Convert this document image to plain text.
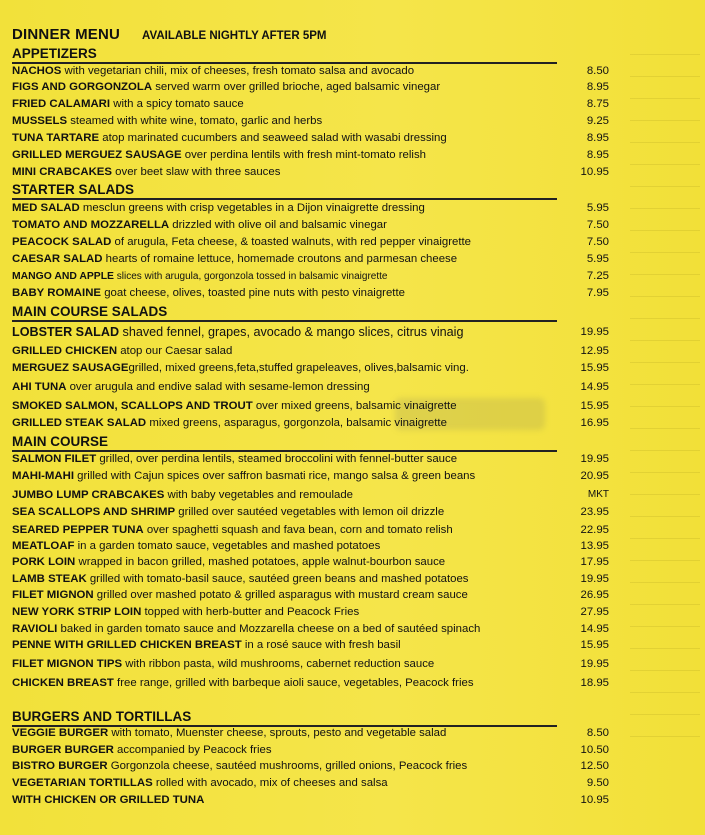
DINNER MENU AVAILABLE NIGHTLY AFTER 5PM
APPETIZERS
NACHOS with vegetarian chili, mix of cheeses, fresh tomato salsa and avocado	8.50
FIGS AND GORGONZOLA served warm over grilled brioche, aged balsamic vinegar	8.95
FRIED CALAMARI with a spicy tomato sauce	8.75
MUSSELS steamed with white wine, tomato, garlic and herbs	9.25
TUNA TARTARE atop marinated cucumbers and seaweed salad with wasabi dressing	8.95
GRILLED MERGUEZ SAUSAGE over perdina lentils with fresh mint-tomato relish	8.95
MINI CRABCAKES over beet slaw with three sauces	10.95
STARTER SALADS
MED SALAD mesclun greens with crisp vegetables in a Dijon vinaigrette dressing	5.95
TOMATO AND MOZZARELLA drizzled with olive oil and balsamic vinegar	7.50
PEACOCK SALAD of arugula, Feta cheese, & toasted walnuts, with red pepper vinaigrette	7.50
CAESAR SALAD hearts of romaine lettuce, homemade croutons and parmesan cheese	5.95
MANGO AND APPLE slices with arugula, gorgonzola tossed in balsamic vinaigrette	7.25
BABY ROMAINE goat cheese, olives, toasted pine nuts with pesto vinaigrette	7.95
MAIN COURSE SALADS
LOBSTER SALAD shaved fennel, grapes, avocado & mango slices, citrus vinaig	19.95
GRILLED CHICKEN atop our Caesar salad	12.95
MERGUEZ SAUSAGEgrilled, mixed greens,feta,stuffed grapeleaves, olives,balsamic ving.	15.95
AHI TUNA over arugula and endive salad with sesame-lemon dressing	14.95
SMOKED SALMON, SCALLOPS AND TROUT over mixed greens, balsamic vinaigrette	15.95
GRILLED STEAK SALAD mixed greens, asparagus, gorgonzola, balsamic vinaigrette	16.95
MAIN COURSE
SALMON FILET grilled, over perdina lentils, steamed broccolini with fennel-butter sauce	19.95
MAHI-MAHI grilled with Cajun spices over saffron basmati rice, mango salsa & green beans	20.95
JUMBO LUMP CRABCAKES with baby vegetables and remoulade	MKT
SEA SCALLOPS AND SHRIMP grilled over sautéed vegetables with lemon oil drizzle	23.95
SEARED PEPPER TUNA over spaghetti squash and fava bean, corn and tomato relish	22.95
MEATLOAF in a garden tomato sauce, vegetables and mashed potatoes	13.95
PORK LOIN wrapped in bacon grilled, mashed potatoes, apple walnut-bourbon sauce	17.95
LAMB STEAK grilled with tomato-basil sauce, sautéed green beans and mashed potatoes	19.95
FILET MIGNON grilled over mashed potato & grilled asparagus with mustard cream sauce	26.95
NEW YORK STRIP LOIN topped with herb-butter and Peacock Fries	27.95
RAVIOLI baked in garden tomato sauce and Mozzarella cheese on a bed of sautéed spinach	14.95
PENNE WITH GRILLED CHICKEN BREAST in a rosé sauce with fresh basil	15.95
FILET MIGNON TIPS with ribbon pasta, wild mushrooms, cabernet reduction sauce	19.95
CHICKEN BREAST free range, grilled with barbeque aioli sauce, vegetables, Peacock fries	18.95
BURGERS AND TORTILLAS
VEGGIE BURGER with tomato, Muenster cheese, sprouts, pesto and vegetable salad	8.50
BURGER BURGER accompanied by Peacock fries	10.50
BISTRO BURGER Gorgonzola cheese, sautéed mushrooms, grilled onions, Peacock fries	12.50
VEGETARIAN TORTILLAS rolled with avocado, mix of cheeses and salsa	9.50
WITH CHICKEN OR GRILLED TUNA	10.95
